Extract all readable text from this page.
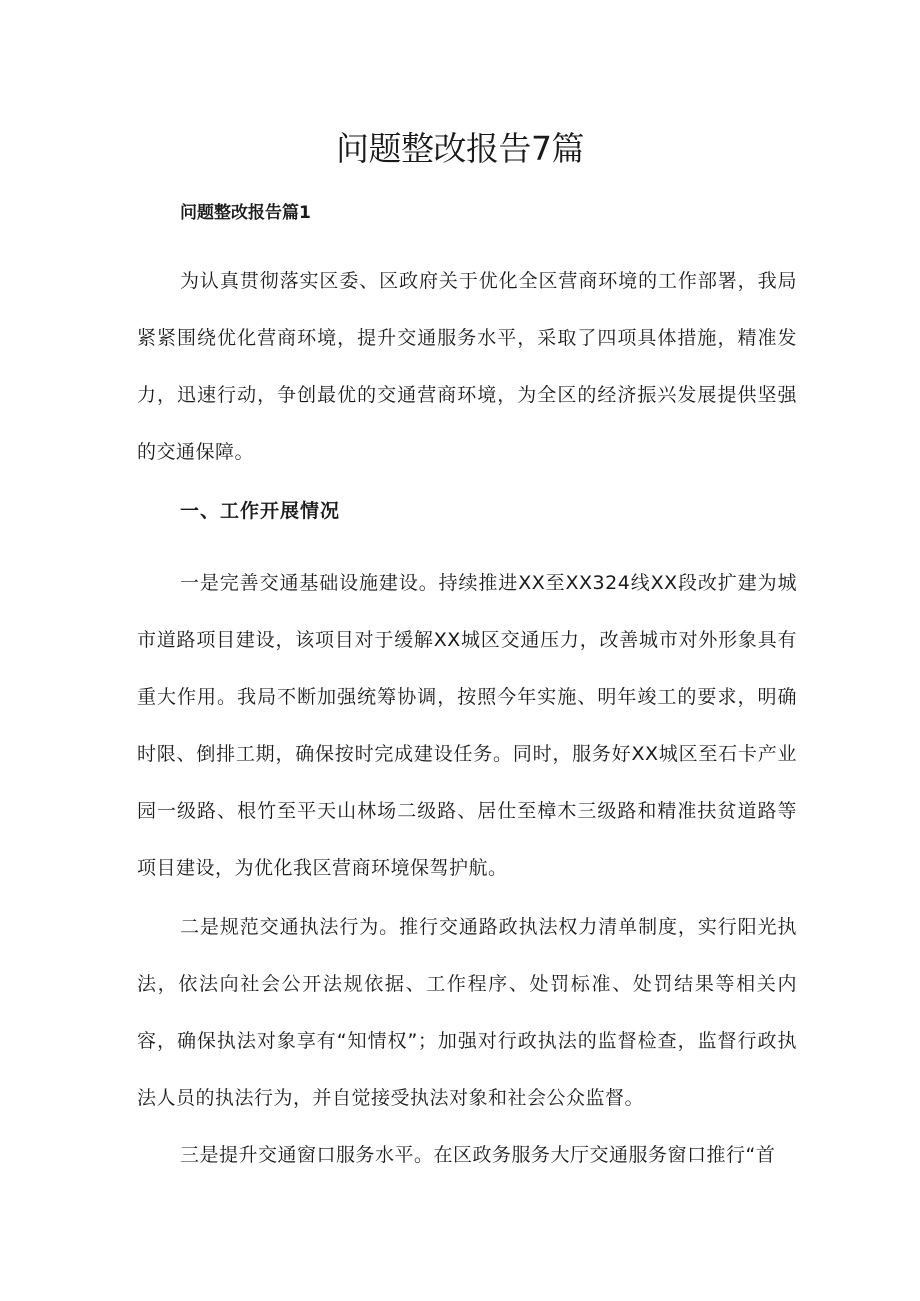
问题整改报告7篇
问题整改报告篇1

为认真贯彻落实区委、区政府关于优化全区营商环境的工作部署，我局紧紧围绕优化营商环境，提升交通服务水平，采取了四项具体措施，精准发力，迅速行动，争创最优的交通营商环境，为全区的经济振兴发展提供坚强的交通保障。

一、工作开展情况

一是完善交通基础设施建设。持续推进XX至XX324线XX段改扩建为城市道路项目建设，该项目对于缓解XX城区交通压力，改善城市对外形象具有重大作用。我局不断加强统筹协调，按照今年实施、明年竣工的要求，明确时限、倒排工期，确保按时完成建设任务。同时，服务好XX城区至石卡产业园一级路、根竹至平天山林场二级路、居仕至樟木三级路和精准扶贫道路等项目建设，为优化我区营商环境保驾护航。

二是规范交通执法行为。推行交通路政执法权力清单制度，实行阳光执法，依法向社会公开法规依据、工作程序、处罚标准、处罚结果等相关内容，确保执法对象享有“知情权”；加强对行政执法的监督检查，监督行政执法人员的执法行为，并自觉接受执法对象和社会公众监督。

三是提升交通窗口服务水平。在区政务服务大厅交通服务窗口推行“首
